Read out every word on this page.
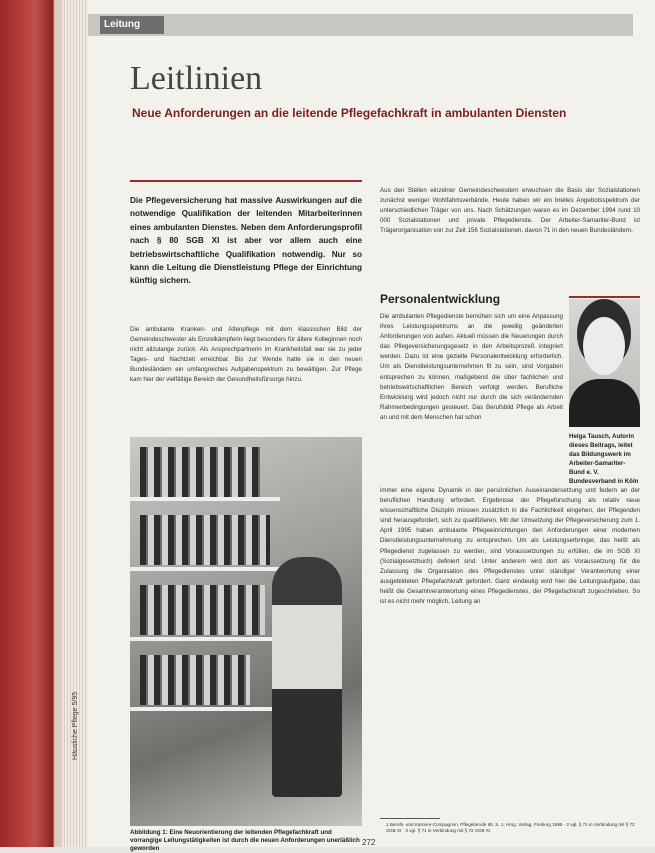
Häusliche Pflege 5/95
Leitung
Leitlinien
Neue Anforderungen an die leitende Pflegefachkraft in ambulanten Diensten
Die Pflegeversicherung hat massive Auswirkungen auf die notwendige Qualifikation der leitenden Mitarbeiterinnen eines ambulanten Dienstes. Neben dem Anforderungsprofil nach § 80 SGB XI ist aber vor allem auch eine betriebswirtschaftliche Qualifikation notwendig. Nur so kann die Leitung die Dienstleistung Pflege der Einrichtung künftig sichern.
Die ambulante Kranken- und Altenpflege mit dem klassischen Bild der Gemeindeschwester als Einzelkämpferin liegt besonders für ältere Kolleginnen noch nicht allzulange zurück. Als Ansprechpartnerin im Krankheitsfall war sie zu jeder Tages- und Nachtzeit erreichbar. Bis zur Wende hatte sie in den neuen Bundesländern ein umfangreiches Aufgabenspektrum zu bewältigen. Zur Pflege kam hier der vielfältige Bereich der Gesundheitsfürsorge hinzu.
Abbildung 1: Eine Neuorientierung der leitenden Pflegefachkraft und vorrangige Leitungstätigkeiten ist durch die neuen Anforderungen unerläßlich geworden
Aus den Stellen einzelner Gemeindeschwestern erwuchsen die Basis der Sozialstationen zunächst weniger Wohlfahrtsverbände. Heute haben wir ein breites Angebotsspektrum der unterschiedlichen Träger von uns. Nach Schätzungen waren es im Dezember 1994 rund 10 000 Sozialstationen und private Pflegedienste. Der Arbeiter-Samariter-Bund ist Trägerorganisation von zur Zeit 156 Sozialstationen, davon 71 in den neuen Bundesländern.
Personalentwicklung
Die ambulanten Pflegedienste bemühen sich um eine Anpassung ihres Leistungsspektrums an die jeweilig geänderten Anforderungen von außen. Aktuell müssen die Neuerungen durch das Pflegeversicherungsgesetz in den Arbeitsprozeß integriert werden. Dazu ist eine gezielte Personalentwicklung erforderlich. Um als Dienstleistungsunternehmen fit zu sein, sind Vorgaben entsprechen zu können, maßgebend die über fachlichen und betriebswirtschaftlichen Bereich verfolgt werden. Berufliche Entwicklung wird jedoch nicht nur durch die sich verändernden Rahmenbedingungen gesteuert. Das Berufsbild Pflege als Arbeit an und mit dem Menschen hat schon
immer eine eigene Dynamik in der persönlichen Auseinandersetzung und federn an der beruflichen Handlung erfordert. Ergebnisse der Pflegeforschung als relativ neue wissenschaftliche Disziplin müssen zusätzlich in die Fachlichkeit eingehen, der Pflegenden sind herausgefordert, sich zu qualifizieren. Mit der Umsetzung der Pflegeversicherung zum 1. April 1995 haben ambulante Pflegeeinrichtungen den Anforderungen einer modernen Dienstleistungsunternehmung zu entsprechen. Um als Leistungserbringer, das heißt als Pflegedienst zugelassen zu werden, sind Voraussetzungen zu erfüllen, die im SGB XI (Sozialgesetzbuch) definiert sind. Unter anderem wird dort als Voraussetzung für die Zulassung die Organisation des Pflegedienstes unter ständiger Verantwortung einer ausgebildeten Pflegefachkraft gefordert. Ganz eindeutig wird hier die Leitungsaufgabe, das heißt die Gesamtverantwortung eines Pflegedienstes, der Pflegefachkraft zugeschrieben. So ist es nicht mehr möglich, Leitung an
Helga Tausch, Autorin dieses Beitrags, leitet das Bildungswerk im Arbeiter-Samariter-Bund e. V. Bundesverband in Köln
1 Berufs- und Karriere-Compagnon, Pflegeberufe 95, S. 1, Hrsg. Verlag, Freiburg 1995 · 2 vgl. § 71 in Verbindung mit § 72 SGB XI · 3 vgl. § 71 in Verbindung mit § 72 SGB XI
272
